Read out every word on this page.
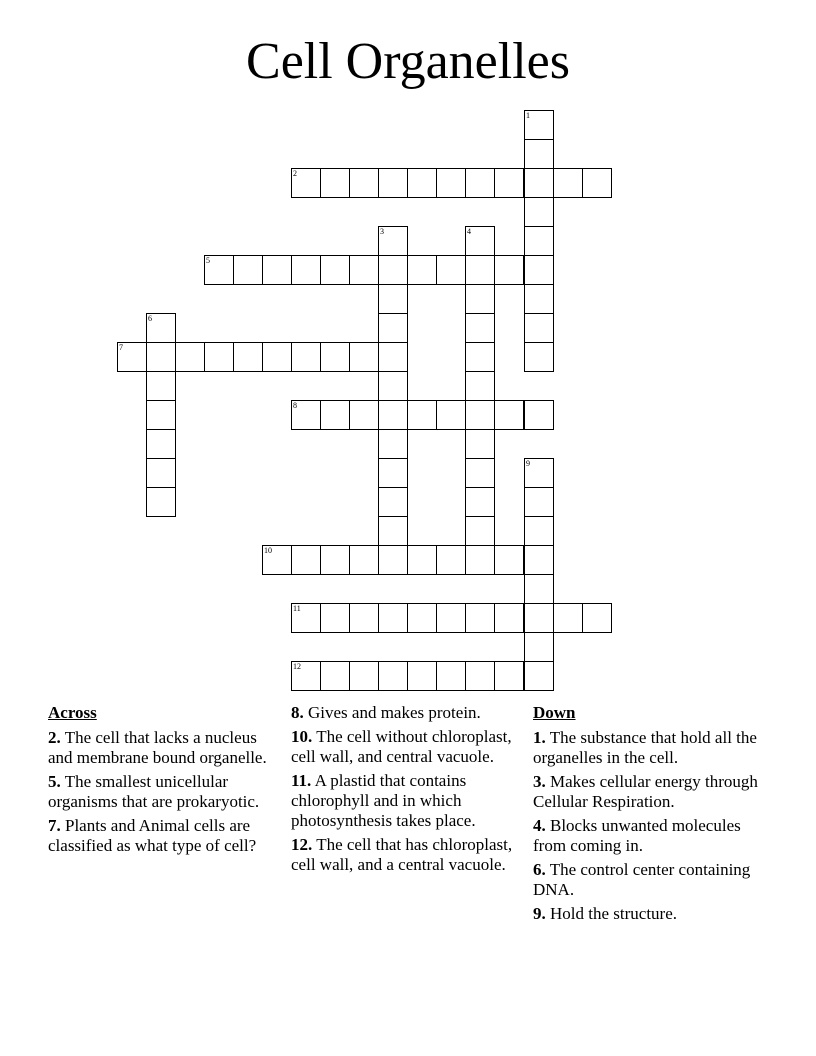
Cell Organelles
1
2
3	4
5
6
7
8
9
10
11
12
Across
2. The cell that lacks a nucleus and membrane bound organelle.
5. The smallest unicellular organisms that are prokaryotic.
7. Plants and Animal cells are classified as what type of cell?
8. Gives and makes protein.
10. The cell without chloroplast, cell wall, and central vacuole.
11. A plastid that contains chlorophyll and in which photosynthesis takes place.
12. The cell that has chloroplast, cell wall, and a central vacuole.
Down
1. The substance that hold all the organelles in the cell.
3. Makes cellular energy through Cellular Respiration.
4. Blocks unwanted molecules from coming in.
6. The control center containing DNA.
9. Hold the structure.
